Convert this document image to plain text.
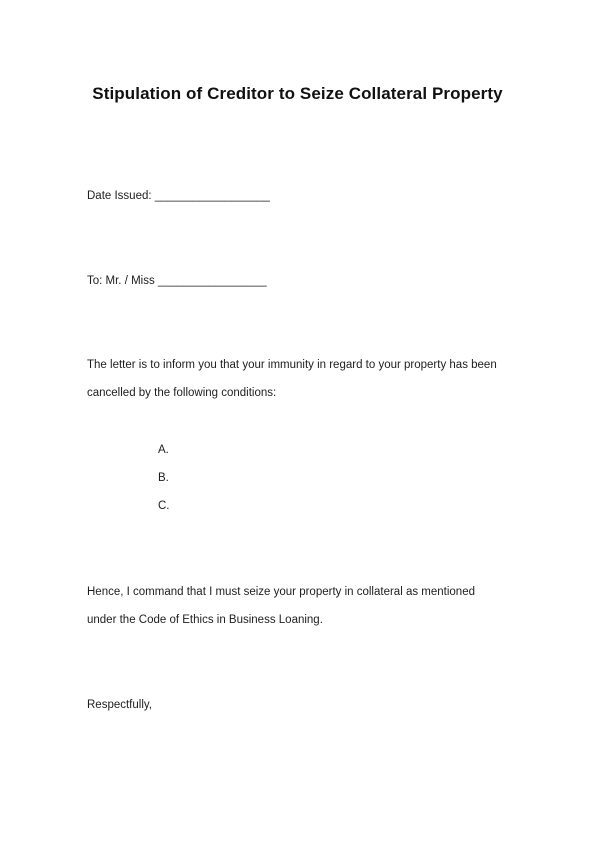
Stipulation of Creditor to Seize Collateral Property
Date Issued: __________________
To: Mr. / Miss _________________
The letter is to inform you that your immunity in regard to your property has been
cancelled by the following conditions:
A.
B.
C.
Hence, I command that I must seize your property in collateral as mentioned
under the Code of Ethics in Business Loaning.
Respectfully,
